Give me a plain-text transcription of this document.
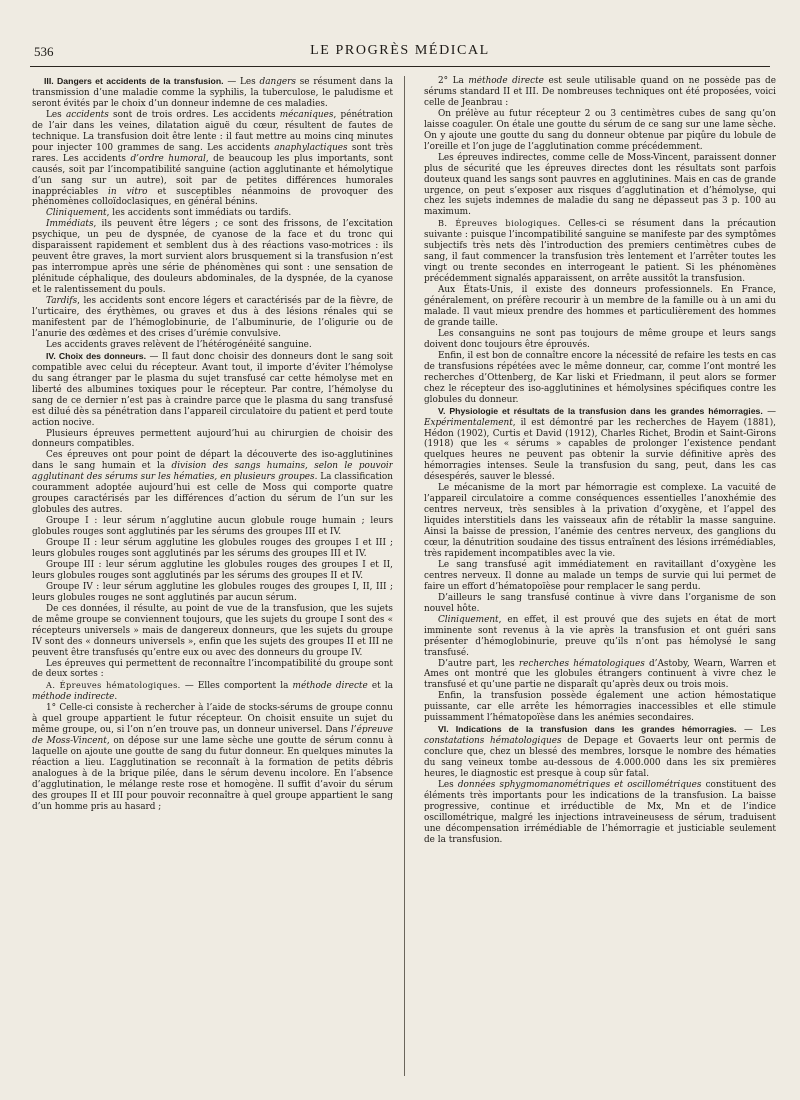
536	LE PROGRÈS MÉDICAL

III. Dangers et accidents de la transfusion. — Les dangers se résument dans la transmission d’une maladie comme la syphilis, la tuberculose, le paludisme et seront évités par le choix d’un donneur indemne de ces maladies.

Les accidents sont de trois ordres. Les accidents mécaniques, pénétration de l’air dans les veines, dilatation aiguë du cœur, résultent de fautes de technique. La transfusion doit être lente : il faut mettre au moins cinq minutes pour injecter 100 grammes de sang. Les accidents anaphylactiques sont très rares. Les accidents d’ordre humoral, de beaucoup les plus importants, sont causés, soit par l’incompatibilité sanguine (action agglutinante et hémolytique d’un sang sur un autre), soit par de petites différences humorales inappréciables in vitro et susceptibles néanmoins de provoquer des phénomènes colloïdoclasiques, en général bénins.

Cliniquement, les accidents sont immédiats ou tardifs.

Immédiats, ils peuvent être légers ; ce sont des frissons, de l’excitation psychique, un peu de dyspnée, de cyanose de la face et du tronc qui disparaissent rapidement et semblent dus à des réactions vaso-motrices : ils peuvent être graves, la mort survient alors brusquement si la transfusion n’est pas interrompue après une série de phénomènes qui sont : une sensation de plénitude céphalique, des douleurs abdominales, de la dyspnée, de la cyanose et le ralentissement du pouls.

Tardifs, les accidents sont encore légers et caractérisés par de la fièvre, de l’urticaire, des érythèmes, ou graves et dus à des lésions rénales qui se manifestent par de l’hémoglobinurie, de l’albuminurie, de l’oligurie ou de l’anurie des œdèmes et des crises d’urémie convulsive.

Les accidents graves relèvent de l’hétérogénéité sanguine.

IV. Choix des donneurs. — Il faut donc choisir des donneurs dont le sang soit compatible avec celui du récepteur. Avant tout, il importe d’éviter l’hémolyse du sang étranger par le plasma du sujet transfusé car cette hémolyse met en liberté des albumines toxiques pour le récepteur. Par contre, l’hémolyse du sang de ce dernier n’est pas à craindre parce que le plasma du sang transfusé est dilué dès sa pénétration dans l’appareil circulatoire du patient et perd toute action nocive.

Plusieurs épreuves permettent aujourd’hui au chirurgien de choisir des donneurs compatibles.

Ces épreuves ont pour point de départ la découverte des iso-agglutinines dans le sang humain et la division des sangs humains, selon le pouvoir agglutinant des sérums sur les hématies, en plusieurs groupes. La classification couramment adoptée aujourd’hui est celle de Moss qui comporte quatre groupes caractérisés par les différences d’action du sérum de l’un sur les globules des autres.

Groupe I : leur sérum n’agglutine aucun globule rouge humain ; leurs globules rouges sont agglutinés par les sérums des groupes III et IV.

Groupe II : leur sérum agglutine les globules rouges des groupes I et III ; leurs globules rouges sont agglutinés par les sérums des groupes III et IV.

Groupe III : leur sérum agglutine les globules rouges des groupes I et II, leurs globules rouges sont agglutinés par les sérums des groupes II et IV.

Groupe IV : leur sérum agglutine les globules rouges des groupes I, II, III ; leurs globules rouges ne sont agglutinés par aucun sérum.

De ces données, il résulte, au point de vue de la transfusion, que les sujets de même groupe se conviennent toujours, que les sujets du groupe I sont des « récepteurs universels » mais de dangereux donneurs, que les sujets du groupe IV sont des « donneurs universels », enfin que les sujets des groupes II et III ne peuvent être transfusés qu’entre eux ou avec des donneurs du groupe IV.

Les épreuves qui permettent de reconnaître l’incompatibilité du groupe sont de deux sortes :

A. Épreuves hématologiques. — Elles comportent la méthode directe et la méthode indirecte.

1° Celle-ci consiste à rechercher à l’aide de stocks-sérums de groupe connu à quel groupe appartient le futur récepteur. On choisit ensuite un sujet du même groupe, ou, si l’on n’en trouve pas, un donneur universel. Dans l’épreuve de Moss-Vincent, on dépose sur une lame sèche une goutte de sérum connu à laquelle on ajoute une goutte de sang du futur donneur. En quelques minutes la réaction a lieu. L’agglutination se reconnaît à la formation de petits débris analogues à de la brique pilée, dans le sérum devenu incolore. En l’absence d’agglutination, le mélange reste rose et homogène. Il suffit d’avoir du sérum des groupes II et III pour pouvoir reconnaître à quel groupe appartient le sang d’un homme pris au hasard ;

2° La méthode directe est seule utilisable quand on ne possède pas de sérums standard II et III. De nombreuses techniques ont été proposées, voici celle de Jeanbrau :

On prélève au futur récepteur 2 ou 3 centimètres cubes de sang qu’on laisse coaguler. On étale une goutte du sérum de ce sang sur une lame sèche. On y ajoute une goutte du sang du donneur obtenue par piqûre du lobule de l’oreille et l’on juge de l’agglutination comme précédemment.

Les épreuves indirectes, comme celle de Moss-Vincent, paraissent donner plus de sécurité que les épreuves directes dont les résultats sont parfois douteux quand les sangs sont pauvres en agglutinines. Mais en cas de grande urgence, on peut s’exposer aux risques d’agglutination et d’hémolyse, qui chez les sujets indemnes de maladie du sang ne dépasseut pas 3 p. 100 au maximum.

B. Épreuves biologiques. Celles-ci se résument dans la précaution suivante : puisque l’incompatibilité sanguine se manifeste par des symptômes subjectifs très nets dès l’introduction des premiers centimètres cubes de sang, il faut commencer la transfusion très lentement et l’arrêter toutes les vingt ou trente secondes en interrogeant le patient. Si les phénomènes précédemment signalés apparaissent, on arrête aussitôt la transfusion.

Aux États-Unis, il existe des donneurs professionnels. En France, généralement, on préfère recourir à un membre de la famille ou à un ami du malade. Il vaut mieux prendre des hommes et particulièrement des hommes de grande taille.

Les consanguins ne sont pas toujours de même groupe et leurs sangs doivent donc toujours être éprouvés.

Enfin, il est bon de connaître encore la nécessité de refaire les tests en cas de transfusions répétées avec le même donneur, car, comme l’ont montré les recherches d’Ottenberg, de Kar liski et Friedmann, il peut alors se former chez le récepteur des iso-agglutinines et hémolysines spécifiques contre les globules du donneur.

V. Physiologie et résultats de la transfusion dans les grandes hémorragies. — Expérimentalement, il est démontré par les recherches de Hayem (1881), Hédon (1902), Curtis et David (1912), Charles Richet, Brodin et Saint-Girons (1918) que les « sérums » capables de prolonger l’existence pendant quelques heures ne peuvent pas obtenir la survie définitive après des hémorragies intenses. Seule la transfusion du sang, peut, dans les cas désespérés, sauver le blessé.

Le mécanisme de la mort par hémorragie est complexe. La vacuité de l’appareil circulatoire a comme conséquences essentielles l’anoxhémie des centres nerveux, très sensibles à la privation d’oxygène, et l’appel des liquides interstitiels dans les vaisseaux afin de rétablir la masse sanguine. Ainsi la baisse de pression, l’anémie des centres nerveux, des ganglions du cœur, la dénutrition soudaine des tissus entraînent des lésions irrémédiables, très rapidement incompatibles avec la vie.

Le sang transfusé agit immédiatement en ravitaillant d’oxygène les centres nerveux. Il donne au malade un temps de survie qui lui permet de faire un effort d’hématopoïèse pour remplacer le sang perdu.

D’ailleurs le sang transfusé continue à vivre dans l’organisme de son nouvel hôte.

Cliniquement, en effet, il est prouvé que des sujets en état de mort imminente sont revenus à la vie après la transfusion et ont guéri sans présenter d’hémoglobinurie, preuve qu’ils n’ont pas hémolysé le sang transfusé.

D’autre part, les recherches hématologiques d’Astoby, Wearn, Warren et Ames ont montré que les globules étrangers continuent à vivre chez le transfusé et qu’une partie ne disparaît qu’après deux ou trois mois.

Enfin, la transfusion possède également une action hémostatique puissante, car elle arrête les hémorragies inaccessibles et elle stimule puissamment l’hématopoïèse dans les anémies secondaires.

VI. Indications de la transfusion dans les grandes hémorragies. — Les constatations hématologiques de Depage et Govaerts leur ont permis de conclure que, chez un blessé des membres, lorsque le nombre des hématies du sang veineux tombe au-dessous de 4.000.000 dans les six premières heures, le diagnostic est presque à coup sûr fatal.

Les données sphygmomanométriques et oscillométriques constituent des éléments très importants pour les indications de la transfusion. La baisse progressive, continue et irréductible de Mx, Mn et de l’indice oscillométrique, malgré les injections intraveineusess de sérum, traduisent une décompensation irrémédiable de l’hémorragie et justiciable seulement de la transfusion.
